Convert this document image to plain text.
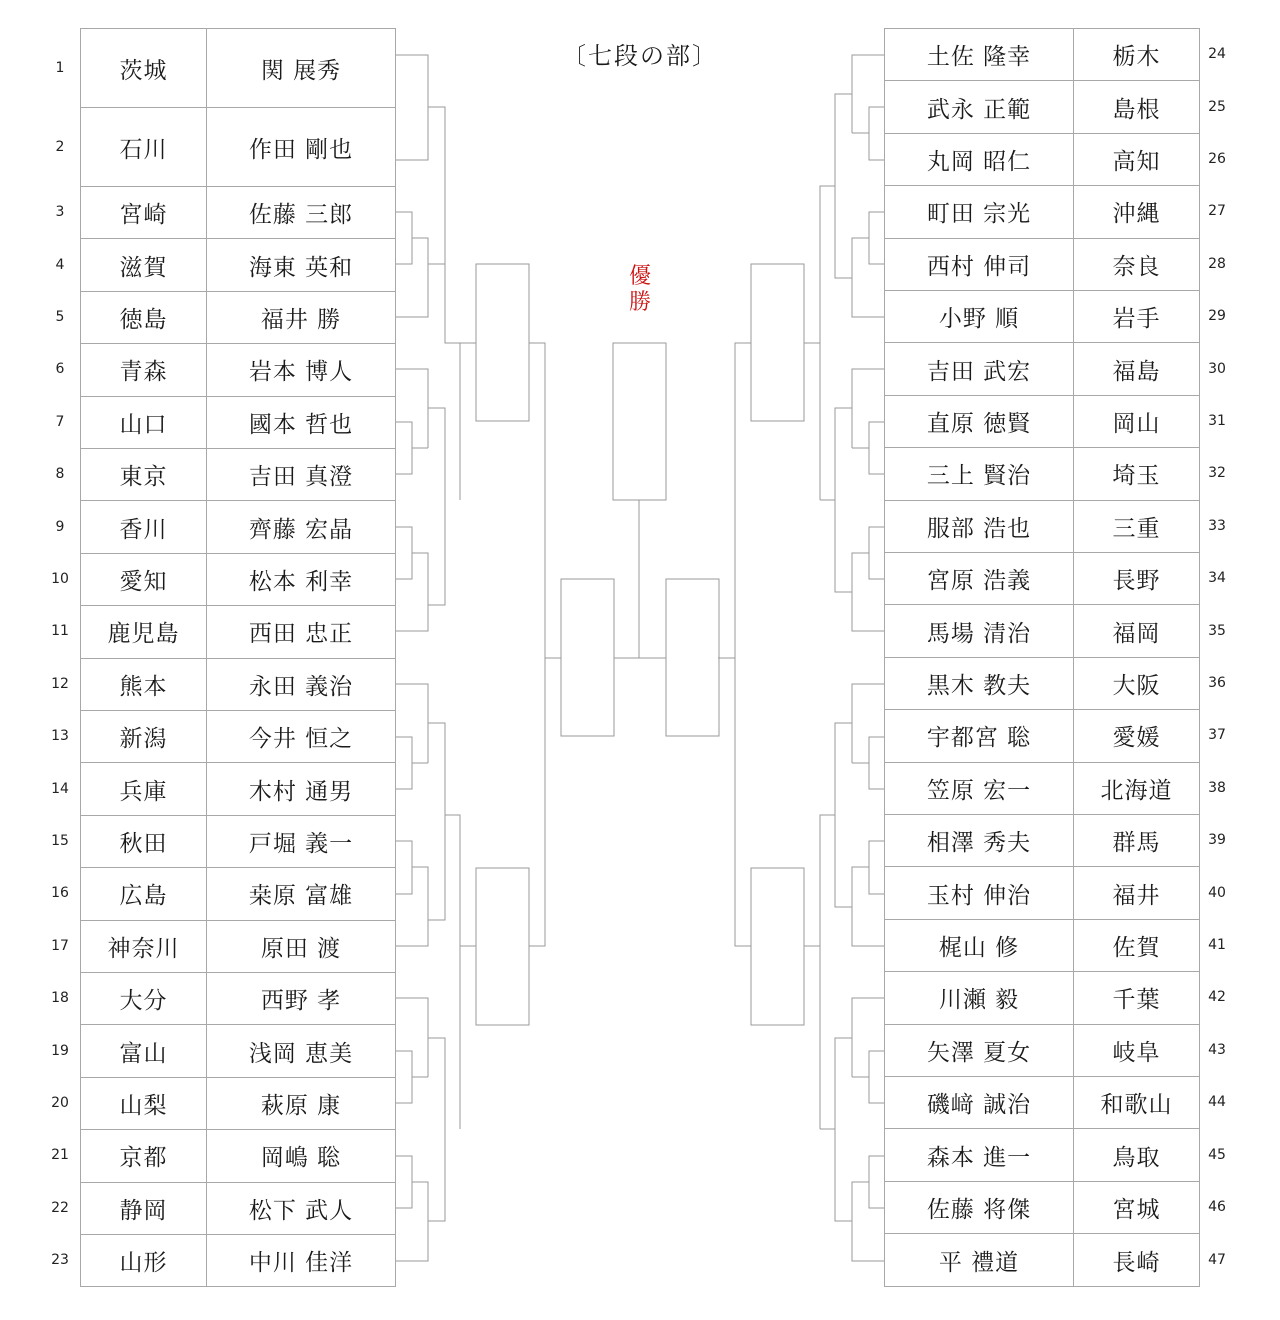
〔七段の部〕
優勝
1	茨城	関 展秀
2	石川	作田 剛也
3	宮崎	佐藤 三郎
4	滋賀	海東 英和
5	徳島	福井 勝
6	青森	岩本 博人
7	山口	國本 哲也
8	東京	吉田 真澄
9	香川	齊藤 宏晶
10	愛知	松本 利幸
11	鹿児島	西田 忠正
12	熊本	永田 義治
13	新潟	今井 恒之
14	兵庫	木村 通男
15	秋田	戸堀 義一
16	広島	桒原 富雄
17	神奈川	原田 渡
18	大分	西野 孝
19	富山	浅岡 恵美
20	山梨	萩原 康
21	京都	岡嶋 聡
22	静岡	松下 武人
23	山形	中川 佳洋
土佐 隆幸	栃木	24
武永 正範	島根	25
丸岡 昭仁	高知	26
町田 宗光	沖縄	27
西村 伸司	奈良	28
小野 順	岩手	29
吉田 武宏	福島	30
直原 徳賢	岡山	31
三上 賢治	埼玉	32
服部 浩也	三重	33
宮原 浩義	長野	34
馬場 清治	福岡	35
黒木 教夫	大阪	36
宇都宮 聡	愛媛	37
笠原 宏一	北海道	38
相澤 秀夫	群馬	39
玉村 伸治	福井	40
梶山 修	佐賀	41
川瀬 毅	千葉	42
矢澤 夏女	岐阜	43
磯﨑 誠治	和歌山	44
森本 進一	鳥取	45
佐藤 将傑	宮城	46
平 禮道	長崎	47
